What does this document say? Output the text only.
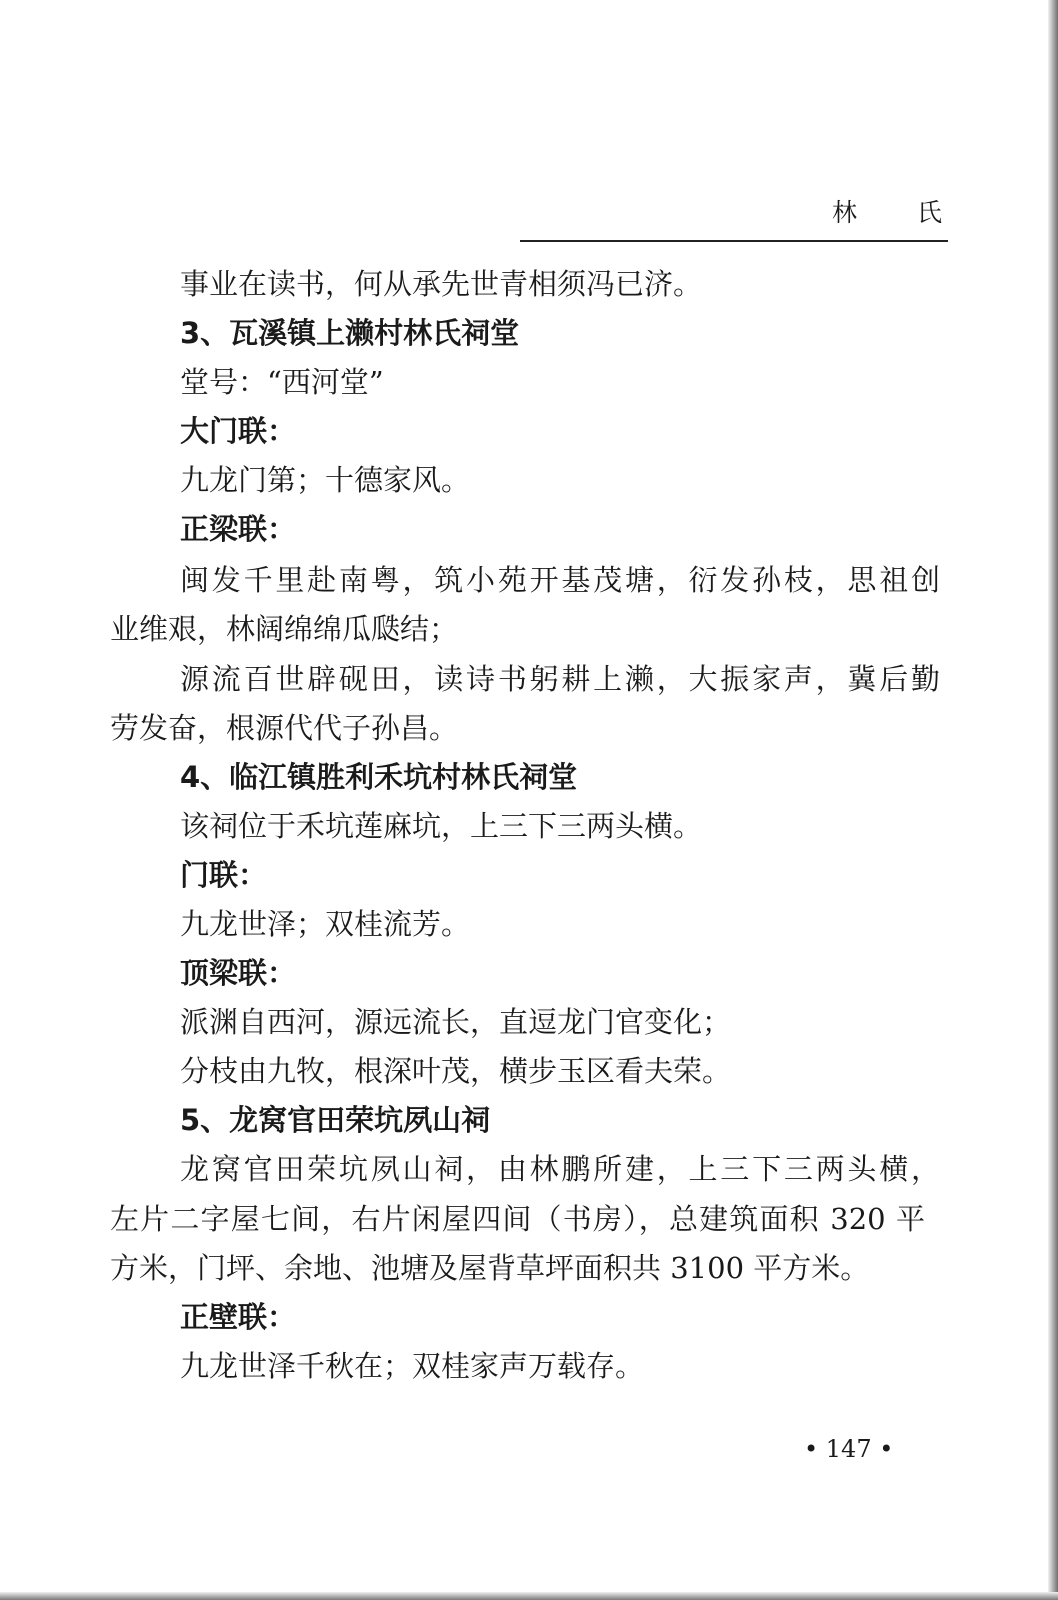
林 氏
事业在读书，何从承先世青相须冯已济。
3、瓦溪镇上濑村林氏祠堂
堂号：“西河堂”
大门联：
九龙门第；十德家风。
正梁联：
闽发千里赴南粤，筑小苑开基茂塘，衍发孙枝，思祖创
业维艰，林阔绵绵瓜瓞结；
源流百世辟砚田，读诗书躬耕上濑，大振家声，冀后勤
劳发奋，根源代代子孙昌。
4、临江镇胜利禾坑村林氏祠堂
该祠位于禾坑莲麻坑，上三下三两头横。
门联：
九龙世泽；双桂流芳。
顶梁联：
派渊自西河，源远流长，直逗龙门官变化；
分枝由九牧，根深叶茂，横步玉区看夫荣。
5、龙窝官田荣坑夙山祠
龙窝官田荣坑夙山祠，由林鹏所建，上三下三两头横，
左片二字屋七间，右片闲屋四间（书房），总建筑面积 320 平
方米，门坪、余地、池塘及屋背草坪面积共 3100 平方米。
正壁联：
九龙世泽千秋在；双桂家声万载存。
• 147 •
